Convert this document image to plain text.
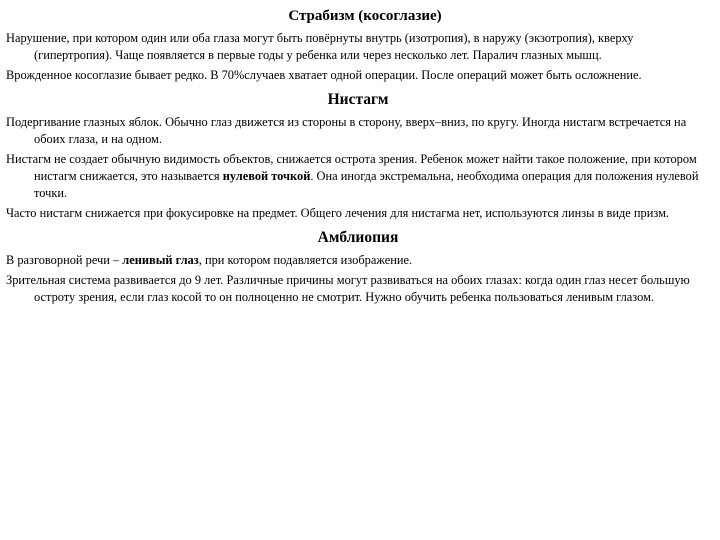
Страбизм (косоглазие)

Нарушение, при котором один или оба глаза могут быть повёрнуты внутрь (изотропия), в наружу (экзотропия), кверху (гипертропия). Чаще появляется в первые годы у ребенка или через несколько лет. Паралич глазных мышц.

Врожденное косоглазие бывает редко. В 70%случаев хватает одной операции. После операций может быть осложнение.

Нистагм

Подергивание глазных яблок. Обычно глаз движется из стороны в сторону, вверх–вниз, по кругу. Иногда нистагм встречается на обоих глаза, и на одном.

Нистагм не создает обычную видимость объектов, снижается острота зрения. Ребенок может найти такое положение, при котором нистагм снижается, это называется нулевой точкой. Она иногда экстремальна, необходима операция для положения нулевой точки.

Часто нистагм снижается при фокусировке на предмет. Общего лечения для нистагма нет, используются линзы в виде призм.

Амблиопия

В разговорной речи – ленивый глаз, при котором подавляется изображение.

Зрительная система развивается до 9 лет. Различные причины могут развиваться на обоих глазах: когда один глаз несет большую остроту зрения, если глаз косой то он полноценно не смотрит. Нужно обучить ребенка пользоваться ленивым глазом.
